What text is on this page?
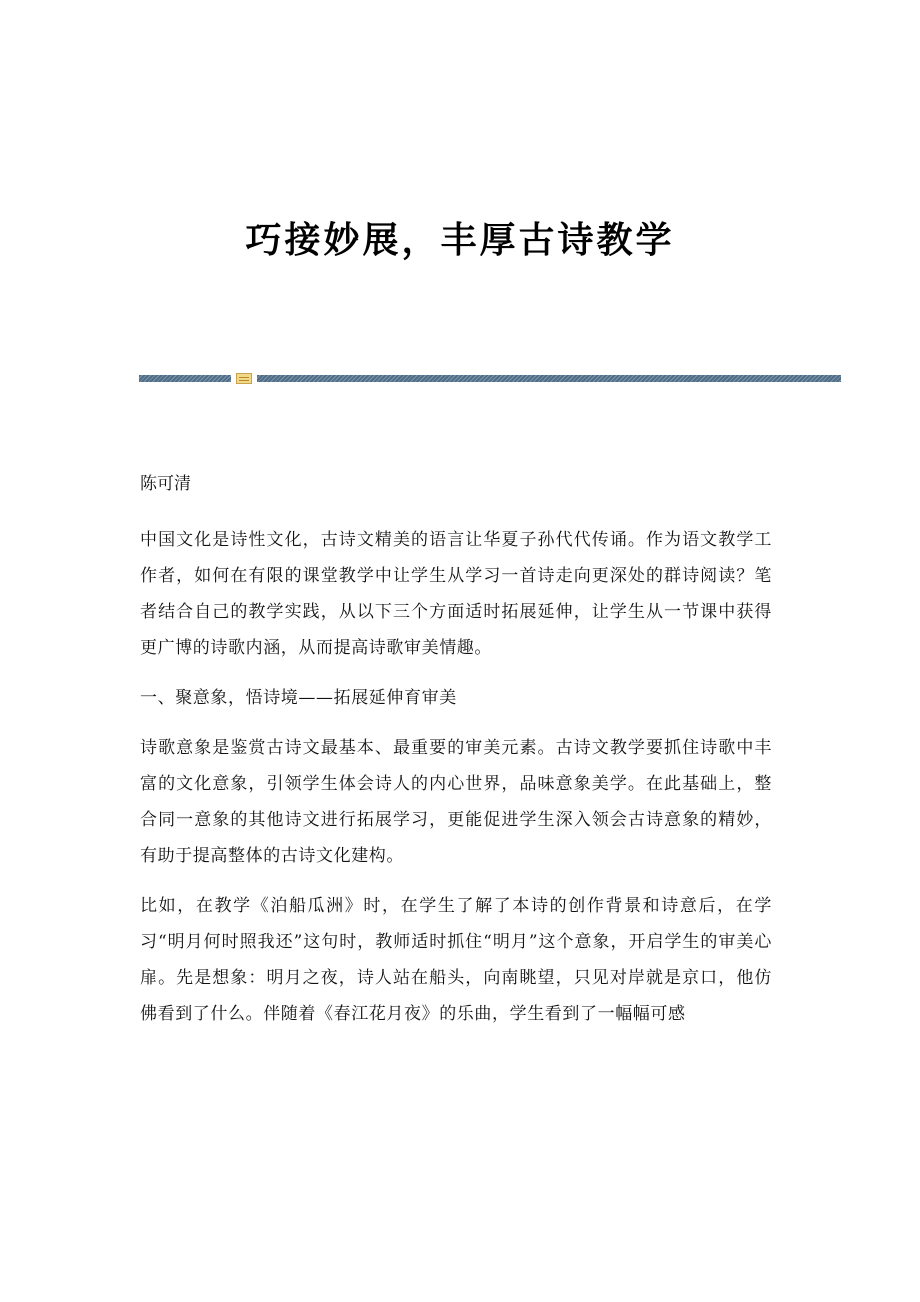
巧接妙展，丰厚古诗教学

陈可清

中国文化是诗性文化，古诗文精美的语言让华夏子孙代代传诵。作为语文教学工作者，如何在有限的课堂教学中让学生从学习一首诗走向更深处的群诗阅读？笔者结合自己的教学实践，从以下三个方面适时拓展延伸，让学生从一节课中获得更广博的诗歌内涵，从而提高诗歌审美情趣。

一、聚意象，悟诗境——拓展延伸育审美

诗歌意象是鉴赏古诗文最基本、最重要的审美元素。古诗文教学要抓住诗歌中丰富的文化意象，引领学生体会诗人的内心世界，品味意象美学。在此基础上，整合同一意象的其他诗文进行拓展学习，更能促进学生深入领会古诗意象的精妙，有助于提高整体的古诗文化建构。

比如，在教学《泊船瓜洲》时，在学生了解了本诗的创作背景和诗意后，在学习“明月何时照我还”这句时，教师适时抓住“明月”这个意象，开启学生的审美心扉。先是想象：明月之夜，诗人站在船头，向南眺望，只见对岸就是京口，他仿佛看到了什么。伴随着《春江花月夜》的乐曲，学生看到了一幅幅可感
